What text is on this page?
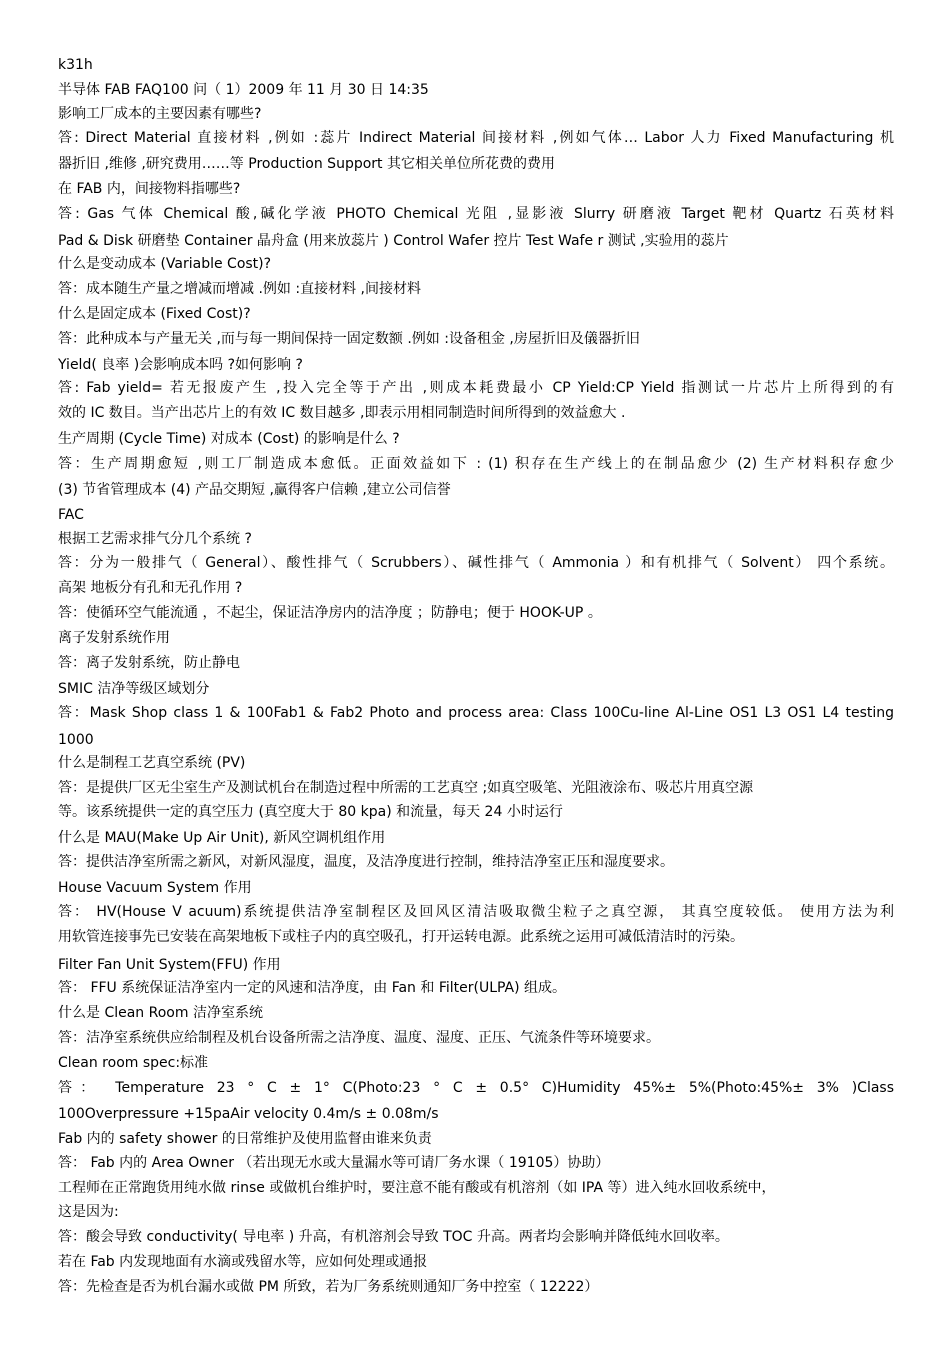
k31h
半导体 FAB FAQ100 问（ 1）2009 年 11 月 30 日 14:35
影响工厂成本的主要因素有哪些?
答: Direct Material 直接材料 ,例如 :蕊片 Indirect Material 间接材料 ,例如气体… Labor 人力 Fixed Manufacturing 机
器折旧 ,维修 ,研究费用……等 Production Support 其它相关单位所花费的费用
在 FAB 内，间接物料指哪些?
答: Gas 气体 Chemical 酸,碱化学液 PHOTO Chemical 光阻 ,显影液 Slurry 研磨液 Target 靶材 Quartz 石英材料
Pad & Disk 研磨垫 Container 晶舟盒 (用来放蕊片 ) Control Wafer 控片 Test Wafe r 测试 ,实验用的蕊片
什么是变动成本 (Variable Cost)?
答：成本随生产量之增减而增减 .例如 :直接材料 ,间接材料
什么是固定成本 (Fixed Cost)?
答：此种成本与产量无关 ,而与每一期间保持一固定数额 .例如 :设备租金 ,房屋折旧及儀器折旧
Yield( 良率 )会影响成本吗 ?如何影响 ?
答: Fab yield= 若无报废产生 ,投入完全等于产出 ,则成本耗费最小 CP Yield:CP Yield 指测试一片芯片上所得到的有
效的 IC 数目。当产出芯片上的有效 IC 数目越多 ,即表示用相同制造时间所得到的效益愈大 .
生产周期 (Cycle Time) 对成本 (Cost) 的影响是什么 ?
答：生产周期愈短 ,则工厂制造成本愈低。正面效益如下 : (1) 积存在生产线上的在制品愈少 (2) 生产材料积存愈少
(3) 节省管理成本 (4) 产品交期短 ,赢得客户信赖 ,建立公司信誉
FAC
根据工艺需求排气分几个系统 ?
答：分为一般排气（ General）、酸性排气（ Scrubbers）、碱性排气（ Ammonia ）和有机排气（ Solvent） 四个系统。
高架 地板分有孔和无孔作用 ?
答：使循环空气能流通 ，不起尘，保证洁净房内的洁净度 ；防静电；便于 HOOK-UP 。
离子发射系统作用
答：离子发射系统，防止静电
SMIC 洁净等级区域划分
答：Mask Shop class 1 & 100Fab1 & Fab2 Photo and process area: Class 100Cu-line Al-Line OS1 L3 OS1 L4 testing
1000
什么是制程工艺真空系统 (PV)
答：是提供厂区无尘室生产及测试机台在制造过程中所需的工艺真空 ;如真空吸笔、光阻液涂布、吸芯片用真空源
等。该系统提供一定的真空压力 (真空度大于 80 kpa) 和流量，每天 24 小时运行
什么是 MAU(Make Up Air Unit), 新风空调机组作用
答：提供洁净室所需之新风，对新风湿度，温度，及洁净度进行控制，维持洁净室正压和湿度要求。
House Vacuum System 作用
答： HV(House V acuum)系统提供洁净室制程区及回风区清洁吸取微尘粒子之真空源， 其真空度较低。 使用方法为利
用软管连接事先已安装在高架地板下或柱子内的真空吸孔，打开运转电源。此系统之运用可减低清洁时的污染。
Filter Fan Unit System(FFU) 作用
答： FFU 系统保证洁净室内一定的风速和洁净度，由 Fan 和 Filter(ULPA) 组成。
什么是 Clean Room 洁净室系统
答：洁净室系统供应给制程及机台设备所需之洁净度、温度、湿度、正压、气流条件等环境要求。
Clean room spec:标准
答： Temperature 23 ° C ± 1° C(Photo:23 ° C ± 0.5° C)Humidity 45%± 5%(Photo:45%± 3% )Class
100Overpressure +15paAir velocity 0.4m/s ± 0.08m/s
Fab 内的 safety shower 的日常维护及使用监督由谁来负责
答： Fab 内的 Area Owner （若出现无水或大量漏水等可请厂务水课（ 19105）协助）
工程师在正常跑货用纯水做 rinse 或做机台维护时，要注意不能有酸或有机溶剂（如 IPA 等）进入纯水回收系统中，
这是因为:
答：酸会导致 conductivity( 导电率 ) 升高，有机溶剂会导致 TOC 升高。两者均会影响并降低纯水回收率。
若在 Fab 内发现地面有水滴或残留水等，应如何处理或通报
答：先检查是否为机台漏水或做 PM 所致，若为厂务系统则通知厂务中控室（ 12222）
